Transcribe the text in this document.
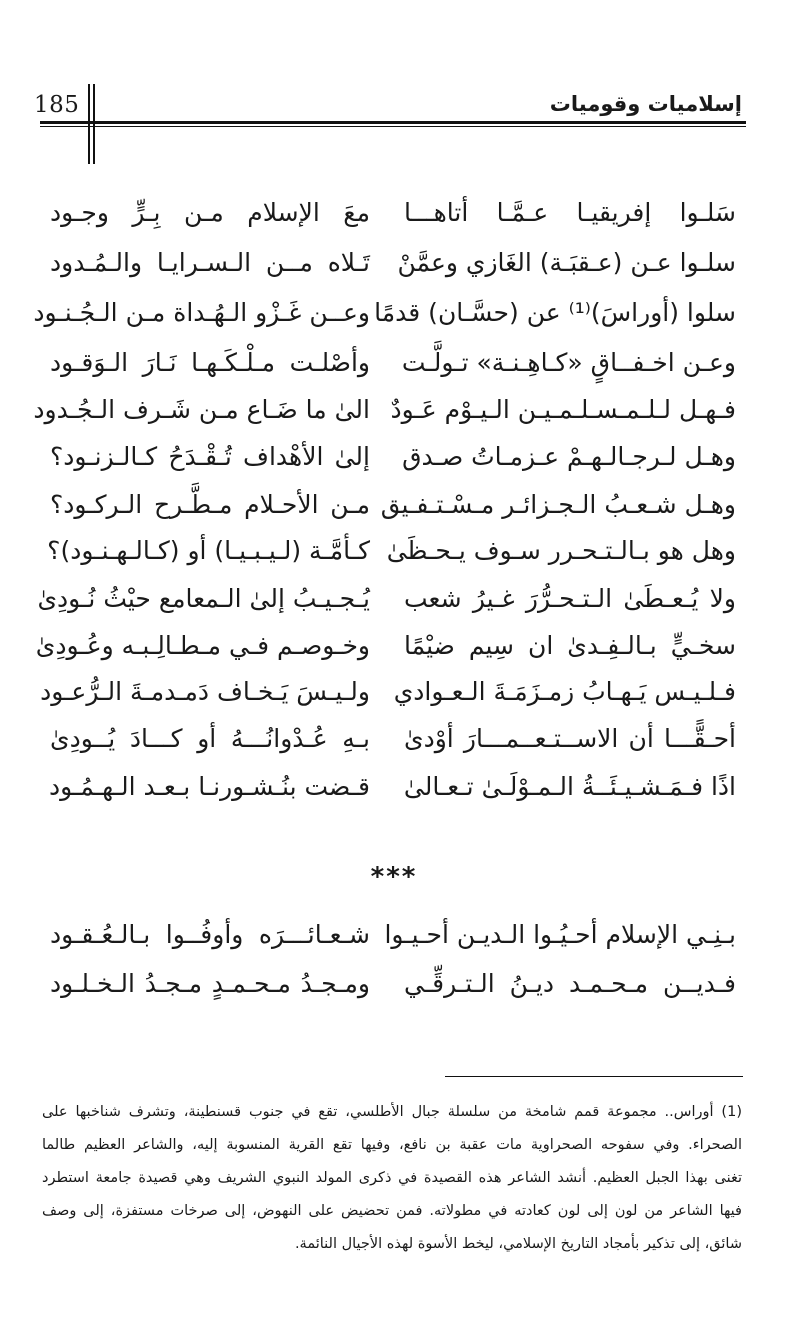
185	إسلاميات وقوميات
سَلـوا إفريقيـا عـمَّـا أتاهـــا
معَ الإسلام مـن بِـرٍّ وجـود
سلـوا عـن (عـقبَـة) الغَازي وعمَّنْ
تَـلاه مــن الـسـرايـا والـمُـدود
سلوا (أوراسَ)⁽¹⁾ عن (حسَّـان) قدمًا
وعــن غَـزْو الـهُـداة مـن الـجُـنـود
وعـن اخـفــاقٍ «كـاهِـنـة» تـولَّـت
وأصْلـت مـلْـكَـهـا نَـارَ الـوَقـود
فـهـل لـلـمـسـلـمـيـن الـيـوْم عَـودٌ
الىٰ ما ضَـاع مـن شَـرف الـجُـدود
وهـل لـرجـالـهـمْ عـزمـاتُ صـدق
إلىٰ الأهْداف تُـقْـدَحُ كـالـزنـود؟
وهـل شـعـبُ الـجـزائـر مـسْـتـفـيق
مـن الأحـلام مـطَّـرح الـركـود؟
وهل هو بـالـتـحـرر سـوف يـحـظَىٰ
كـأمَّـة (لـيـبـيـا) أو (كـالـهـنـود)؟
ولا يُـعـطَىٰ الـتـحـرُّرَ غـيرُ شعب
يُـجـيـبُ إلىٰ الـمعامع حيْثُ نُـودِىٰ
سخـيٍّ بـالـفِـدىٰ ان سِيم ضيْمًا
وخـوصـم فـي مـطـالِـبـه وعُـودِىٰ
فـلـيـس يَـهـابُ زمـزَمَـةَ الـعـوادي
ولـيـسَ يَـخـاف دَمـدمـةَ الـرُّعـود
أحـقًّـــا أن الاســتـعــمـــارَ أوْدىٰ
بـهِ عُـدْوانُـــهُ أو كـــادَ يُــودِىٰ
اذًا فـمَـشـيـئَــةُ الـمـوْلَـىٰ تـعـالىٰ
قـضت بنُـشـورنـا بـعـد الـهـمُـود
***
بـنِـي الإسلام أحـيُـوا الـديـن أحـيـوا
شـعـائـــرَه وأوفُــوا بـالـعُـقـود
فـديــن مـحـمـد ديـنُ الـتـرقِّـي
ومـجـدُ مـحـمـدٍ مـجـدُ الـخـلـود
(1) أوراس.. مجموعة قمم شامخة من سلسلة جبال الأطلسي، تقع في جنوب قسنطينة، وتشرف شناخبها على
الصحراء. وفي سفوحه الصحراوية مات عقبة بن نافع، وفيها تقع القرية المنسوبة إليه، والشاعر العظيم طالما
تغنى بهذا الجبل العظيم. أنشد الشاعر هذه القصيدة في ذكرى المولد النبوي الشريف وهي قصيدة جامعة استطرد
فيها الشاعر من لون إلى لون كعادته في مطولاته. فمن تحضيض على النهوض، إلى صرخات مستفزة، إلى وصف
شائق، إلى تذكير بأمجاد التاريخ الإسلامي، ليخط الأسوة لهذه الأجيال النائمة.
